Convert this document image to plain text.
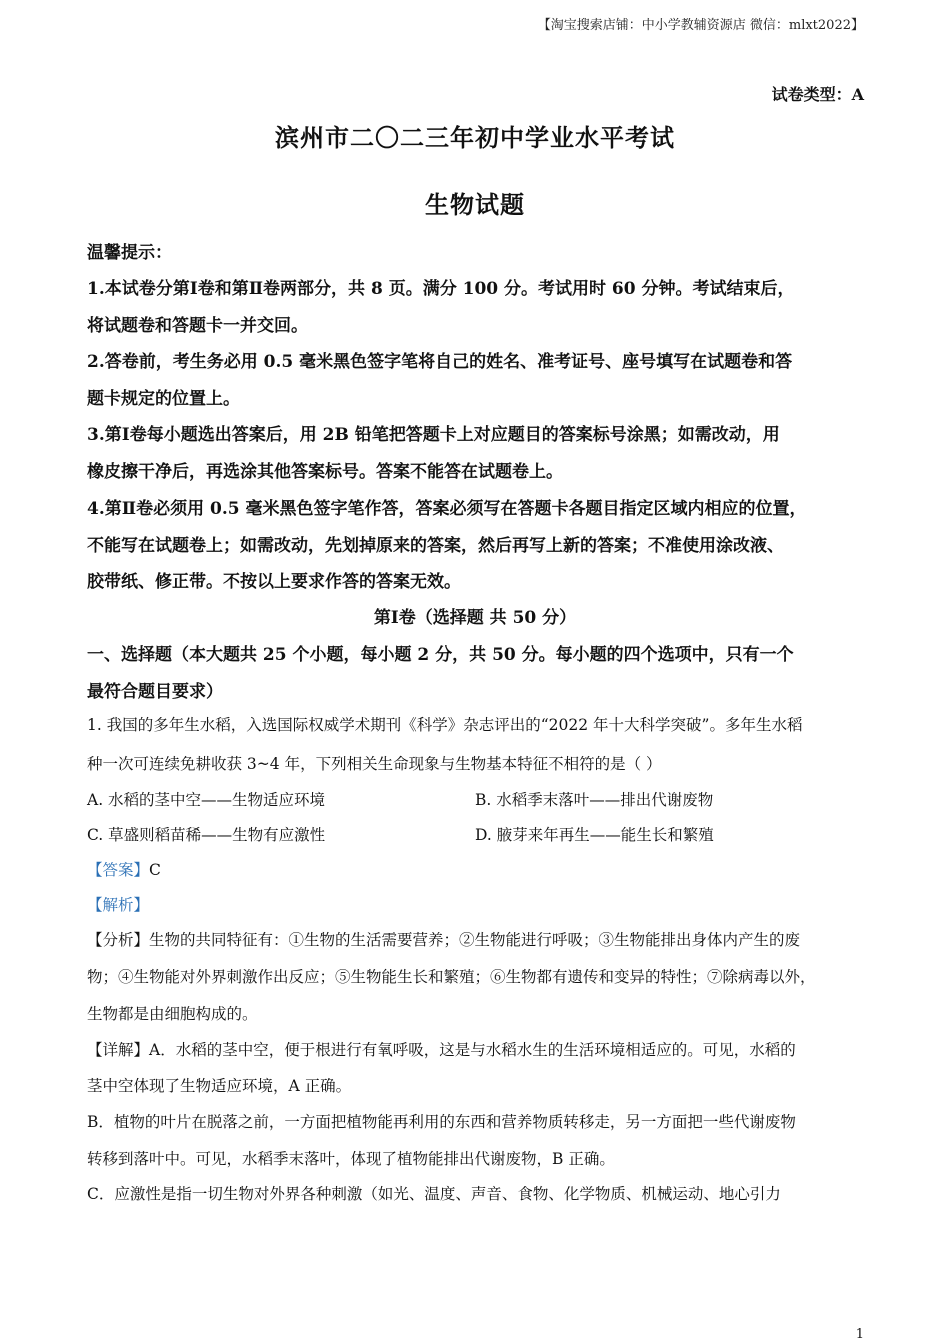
【淘宝搜索店铺：中小学教辅资源店 微信：mlxt2022】
试卷类型：A
滨州市二〇二三年初中学业水平考试
生物试题
温馨提示：
1.本试卷分第Ⅰ卷和第Ⅱ卷两部分，共 8 页。满分 100 分。考试用时 60 分钟。考试结束后，
将试题卷和答题卡一并交回。
2.答卷前，考生务必用 0.5 毫米黑色签字笔将自己的姓名、准考证号、座号填写在试题卷和答
题卡规定的位置上。
3.第Ⅰ卷每小题选出答案后，用 2B 铅笔把答题卡上对应题目的答案标号涂黑；如需改动，用
橡皮擦干净后，再选涂其他答案标号。答案不能答在试题卷上。
4.第Ⅱ卷必须用 0.5 毫米黑色签字笔作答，答案必须写在答题卡各题目指定区域内相应的位置，
不能写在试题卷上；如需改动，先划掉原来的答案，然后再写上新的答案；不准使用涂改液、
胶带纸、修正带。不按以上要求作答的答案无效。
第Ⅰ卷（选择题 共 50 分）
一、选择题（本大题共 25 个小题，每小题 2 分，共 50 分。每小题的四个选项中，只有一个
最符合题目要求）
1. 我国的多年生水稻，入选国际权威学术期刊《科学》杂志评出的“2022 年十大科学突破”。多年生水稻
种一次可连续免耕收获 3~4 年，下列相关生命现象与生物基本特征不相符的是（ ）
A. 水稻的茎中空——生物适应环境	B. 水稻季末落叶——排出代谢废物
C. 草盛则稻苗稀——生物有应激性	D. 腋芽来年再生——能生长和繁殖
【答案】C
【解析】
【分析】生物的共同特征有：①生物的生活需要营养；②生物能进行呼吸；③生物能排出身体内产生的废
物；④生物能对外界刺激作出反应；⑤生物能生长和繁殖；⑥生物都有遗传和变异的特性；⑦除病毒以外，
生物都是由细胞构成的。
【详解】A．水稻的茎中空，便于根进行有氧呼吸，这是与水稻水生的生活环境相适应的。可见，水稻的
茎中空体现了生物适应环境，A 正确。
B．植物的叶片在脱落之前，一方面把植物能再利用的东西和营养物质转移走，另一方面把一些代谢废物
转移到落叶中。可见，水稻季末落叶，体现了植物能排出代谢废物，B 正确。
C．应激性是指一切生物对外界各种刺激（如光、温度、声音、食物、化学物质、机械运动、地心引力
1
